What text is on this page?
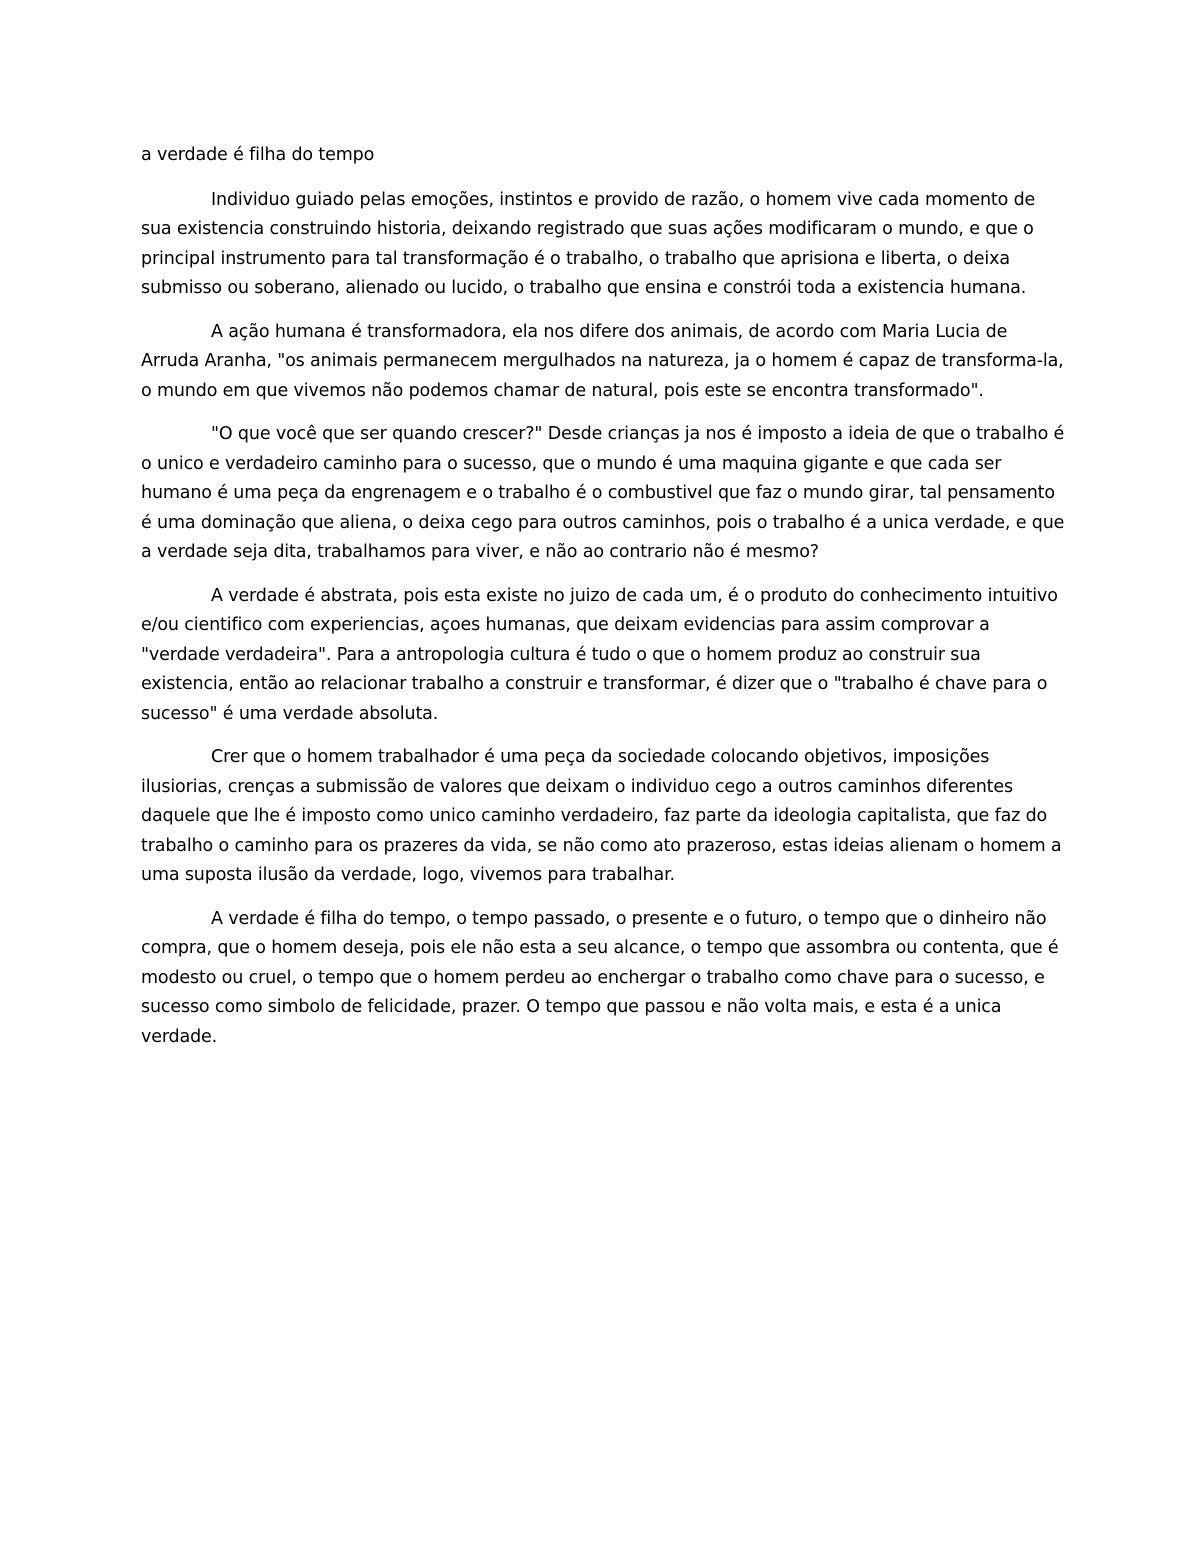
a verdade é filha do tempo

Individuo guiado pelas emoções, instintos e provido de razão, o homem vive cada momento de sua existencia construindo historia, deixando registrado que suas ações modificaram o mundo, e que o principal instrumento para tal transformação é o trabalho, o trabalho que aprisiona e liberta, o deixa submisso ou soberano, alienado ou lucido, o trabalho que ensina e constrói toda a existencia humana.

A ação humana é transformadora, ela nos difere dos animais, de acordo com Maria Lucia de Arruda Aranha, "os animais permanecem mergulhados na natureza, ja o homem é capaz de transforma-la, o mundo em que vivemos não podemos chamar de natural, pois este se encontra transformado".

"O que você que ser quando crescer?" Desde crianças ja nos é imposto a ideia de que o trabalho é o unico e verdadeiro caminho para o sucesso, que o mundo é uma maquina gigante e que cada ser humano é uma peça da engrenagem e o trabalho é o combustivel que faz o mundo girar, tal pensamento é uma dominação que aliena, o deixa cego para outros caminhos, pois o trabalho é a unica verdade, e que a verdade seja dita, trabalhamos para viver, e não ao contrario não é mesmo?

A verdade é abstrata, pois esta existe no juizo de cada um, é o produto do conhecimento intuitivo e/ou cientifico com experiencias, açoes humanas, que deixam evidencias para assim comprovar a "verdade verdadeira". Para a antropologia cultura é tudo o que o homem produz ao construir sua existencia, então ao relacionar trabalho a construir e transformar, é dizer que o "trabalho é chave para o sucesso" é uma verdade absoluta.

Crer que o homem trabalhador é uma peça da sociedade colocando objetivos, imposições ilusiorias, crenças a submissão de valores que deixam o individuo cego a outros caminhos diferentes daquele que lhe é imposto como unico caminho verdadeiro, faz parte da ideologia capitalista, que faz do trabalho o caminho para os prazeres da vida, se não como ato prazeroso, estas ideias alienam o homem a uma suposta ilusão da verdade, logo, vivemos para trabalhar.

A verdade é filha do tempo, o tempo passado, o presente e o futuro, o tempo que o dinheiro não compra, que o homem deseja, pois ele não esta a seu alcance, o tempo que assombra ou contenta, que é modesto ou cruel, o tempo que o homem perdeu ao enchergar o trabalho como chave para o sucesso, e sucesso como simbolo de felicidade, prazer. O tempo que passou e não volta mais, e esta é a unica verdade.
